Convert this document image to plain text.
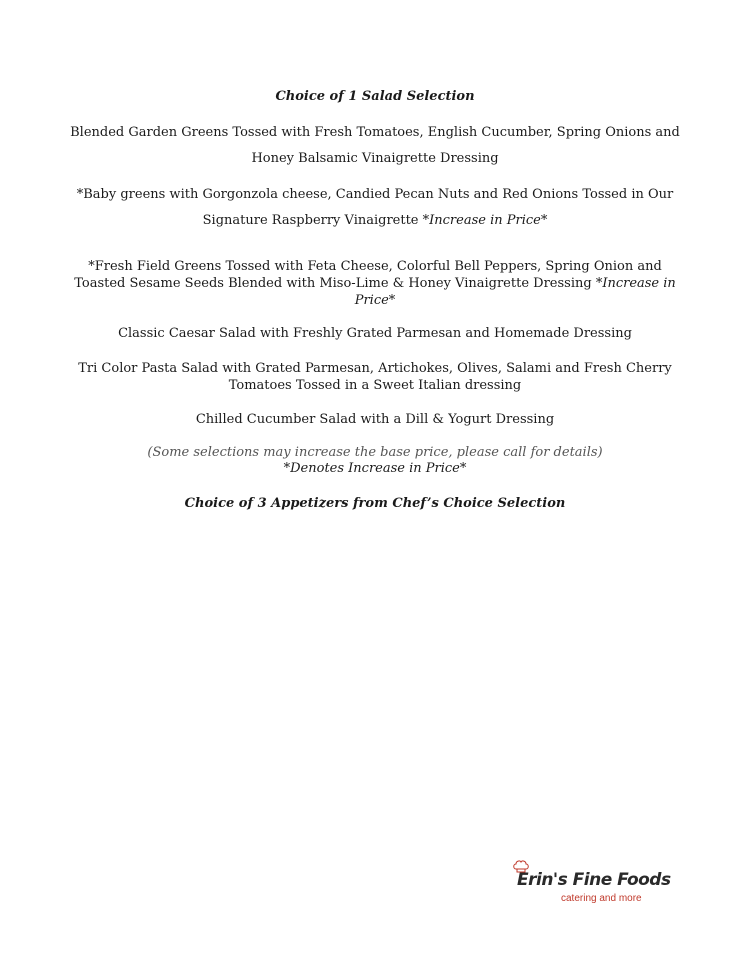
Choice of 1 Salad Selection
Blended Garden Greens Tossed with Fresh Tomatoes, English Cucumber, Spring Onions and
Honey Balsamic Vinaigrette Dressing
*Baby greens with Gorgonzola cheese, Candied Pecan Nuts and Red Onions Tossed in Our
Signature Raspberry Vinaigrette *Increase in Price*
*Fresh Field Greens Tossed with Feta Cheese, Colorful Bell Peppers, Spring Onion and
Toasted Sesame Seeds Blended with Miso-Lime & Honey Vinaigrette Dressing *Increase in
Price*
Classic Caesar Salad with Freshly Grated Parmesan and Homemade Dressing
Tri Color Pasta Salad with Grated Parmesan, Artichokes, Olives, Salami and Fresh Cherry
Tomatoes Tossed in a Sweet Italian dressing
Chilled Cucumber Salad with a Dill & Yogurt Dressing
(Some selections may increase the base price, please call for details)
*Denotes Increase in Price*
Choice of 3 Appetizers from Chef’s Choice Selection
Erin's Fine Foods
catering and more
